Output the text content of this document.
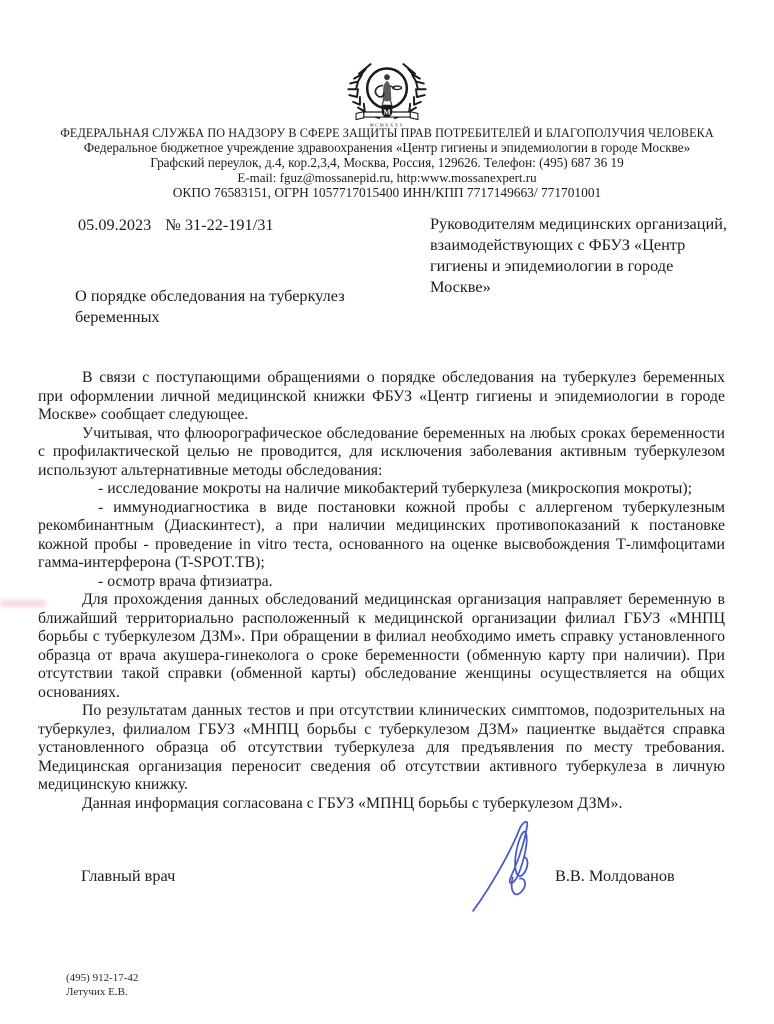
M
MCMXXXV
ФЕДЕРАЛЬНАЯ СЛУЖБА ПО НАДЗОРУ В СФЕРЕ ЗАЩИТЫ ПРАВ ПОТРЕБИТЕЛЕЙ И БЛАГОПОЛУЧИЯ ЧЕЛОВЕКА
Федеральное бюджетное учреждение здравоохранения «Центр гигиены и эпидемиологии в городе Москве»
Графский переулок, д.4, кор.2,3,4, Москва, Россия, 129626. Телефон: (495) 687 36 19
E-mail: fguz@mossanepid.ru, http:www.mossanexpert.ru
ОКПО 76583151, ОГРН 1057717015400 ИНН/КПП 7717149663/ 771701001
05.09.2023 № 31-22-191/31	Руководителям медицинских организаций, взаимодействующих с ФБУЗ «Центр гигиены и эпидемиологии в городе Москве»
О порядке обследования на туберкулез беременных

В связи с поступающими обращениями о порядке обследования на туберкулез беременных при оформлении личной медицинской книжки ФБУЗ «Центр гигиены и эпидемиологии в городе Москве» сообщает следующее.

Учитывая, что флюорографическое обследование беременных на любых сроках беременности с профилактической целью не проводится, для исключения заболевания активным туберкулезом используют альтернативные методы обследования:

- исследование мокроты на наличие микобактерий туберкулеза (микроскопия мокроты);

- иммунодиагностика в виде постановки кожной пробы с аллергеном туберкулезным рекомбинантным (Диаскинтест), а при наличии медицинских противопоказаний к постановке кожной пробы - проведение in vitro теста, основанного на оценке высвобождения Т-лимфоцитами гамма-интерферона (T-SPOT.TB);

- осмотр врача фтизиатра.

Для прохождения данных обследований медицинская организация направляет беременную в ближайший территориально расположенный к медицинской организации филиал ГБУЗ «МНПЦ борьбы с туберкулезом ДЗМ». При обращении в филиал необходимо иметь справку установленного образца от врача акушера-гинеколога о сроке беременности (обменную карту при наличии). При отсутствии такой справки (обменной карты) обследование женщины осуществляется на общих основаниях.

По результатам данных тестов и при отсутствии клинических симптомов, подозрительных на туберкулез, филиалом ГБУЗ «МНПЦ борьбы с туберкулезом ДЗМ» пациентке выдаётся справка установленного образца об отсутствии туберкулеза для предъявления по месту требования. Медицинская организация переносит сведения об отсутствии активного туберкулеза в личную медицинскую книжку.

Данная информация согласована с ГБУЗ «МПНЦ борьбы с туберкулезом ДЗМ».

Главный врач	В.В. Молдованов
(495) 912-17-42
Летучих Е.В.
